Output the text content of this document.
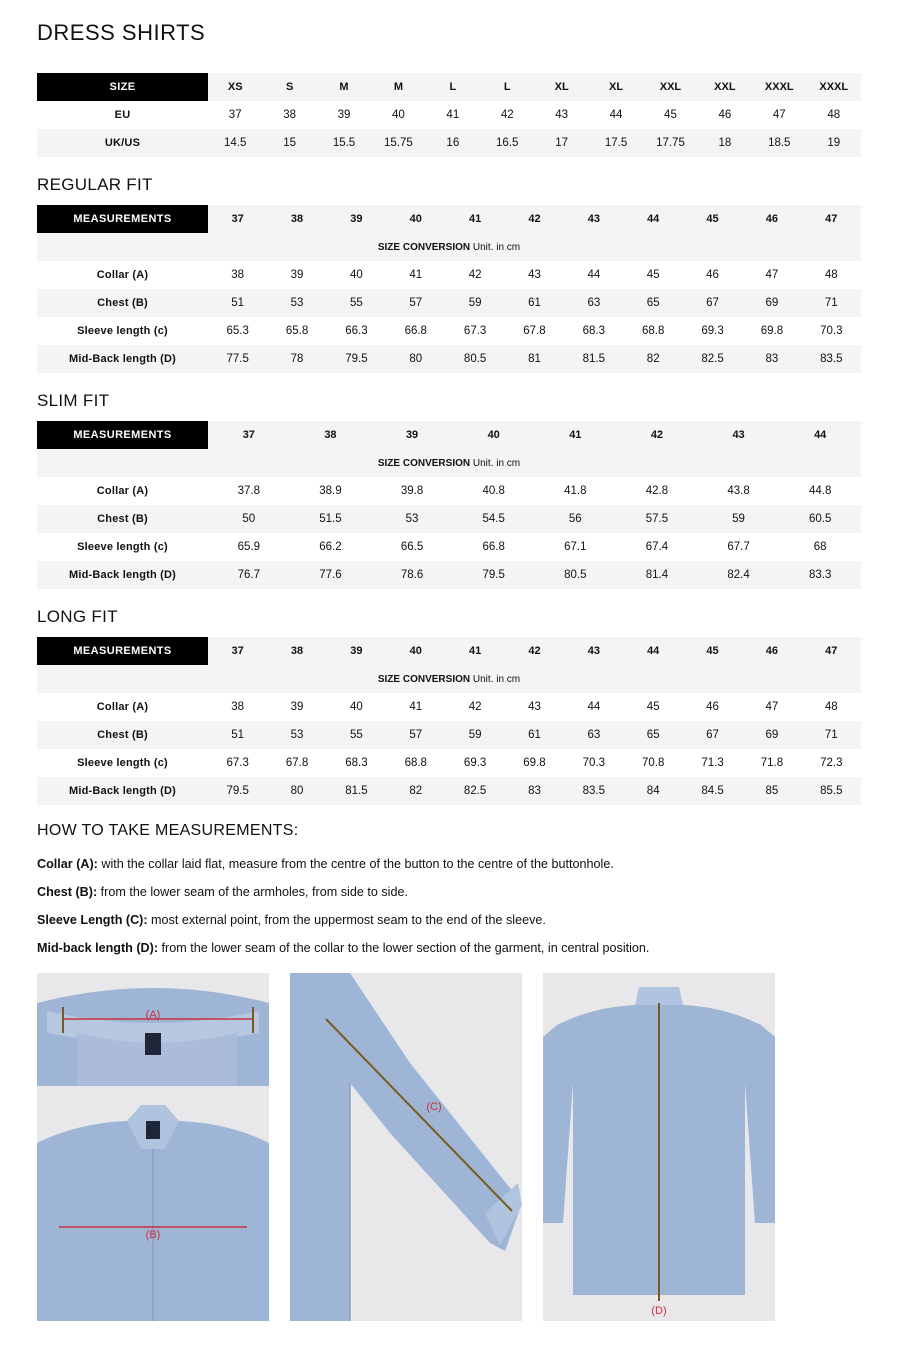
DRESS SHIRTS
SIZE	XS	S	M	M	L	L	XL	XL	XXL	XXL	XXXL	XXXL
EU	37	38	39	40	41	42	43	44	45	46	47	48
UK/US	14.5	15	15.5	15.75	16	16.5	17	17.5	17.75	18	18.5	19
REGULAR FIT
MEASUREMENTS	37	38	39	40	41	42	43	44	45	46	47
SIZE CONVERSION Unit. in cm											
Collar (A)	38	39	40	41	42	43	44	45	46	47	48
Chest (B)	51	53	55	57	59	61	63	65	67	69	71
Sleeve length (c)	65.3	65.8	66.3	66.8	67.3	67.8	68.3	68.8	69.3	69.8	70.3
Mid-Back length (D)	77.5	78	79.5	80	80.5	81	81.5	82	82.5	83	83.5
SLIM FIT
MEASUREMENTS	37	38	39	40	41	42	43	44
SIZE CONVERSION Unit. in cm								
Collar (A)	37.8	38.9	39.8	40.8	41.8	42.8	43.8	44.8
Chest (B)	50	51.5	53	54.5	56	57.5	59	60.5
Sleeve length (c)	65.9	66.2	66.5	66.8	67.1	67.4	67.7	68
Mid-Back length (D)	76.7	77.6	78.6	79.5	80.5	81.4	82.4	83.3
LONG FIT
MEASUREMENTS	37	38	39	40	41	42	43	44	45	46	47
SIZE CONVERSION Unit. in cm											
Collar (A)	38	39	40	41	42	43	44	45	46	47	48
Chest (B)	51	53	55	57	59	61	63	65	67	69	71
Sleeve length (c)	67.3	67.8	68.3	68.8	69.3	69.8	70.3	70.8	71.3	71.8	72.3
Mid-Back length (D)	79.5	80	81.5	82	82.5	83	83.5	84	84.5	85	85.5
HOW TO TAKE MEASUREMENTS:

Collar (A): with the collar laid flat, measure from the centre of the button to the centre of the buttonhole.

Chest (B): from the lower seam of the armholes, from side to side.

Sleeve Length (C): most external point, from the uppermost seam to the end of the sleeve.

Mid-back length (D): from the lower seam of the collar to the lower section of the garment, in central position.

(A)
(B)
(C)
(D)
